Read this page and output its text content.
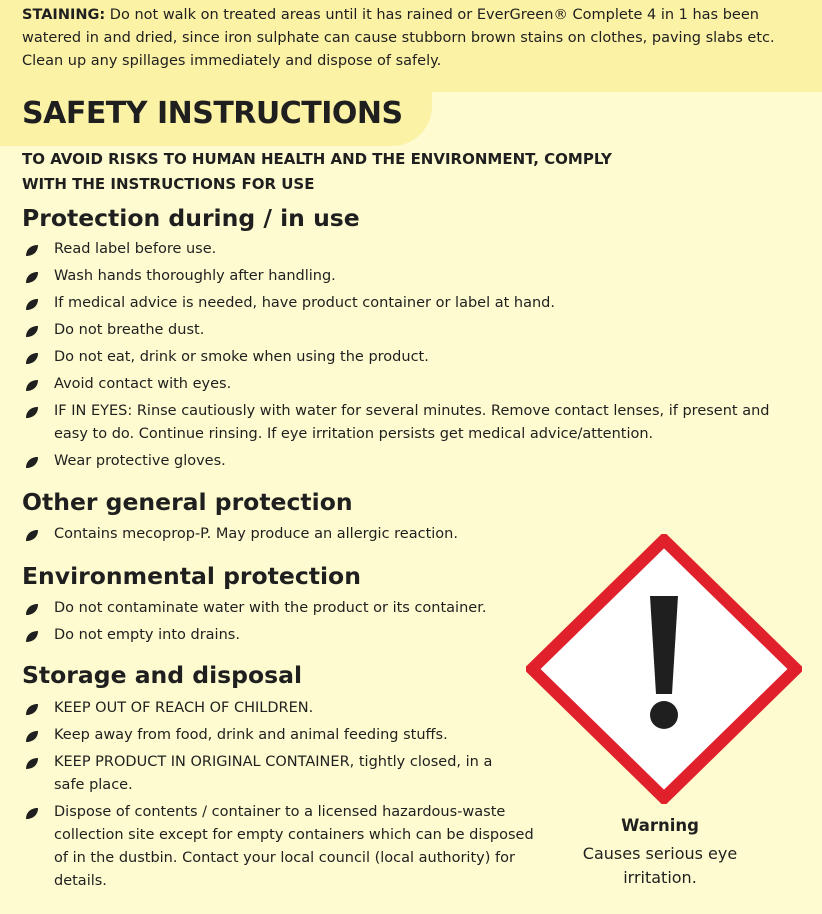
STAINING: Do not walk on treated areas until it has rained or EverGreen® Complete 4 in 1 has been watered in and dried, since iron sulphate can cause stubborn brown stains on clothes, paving slabs etc. Clean up any spillages immediately and dispose of safely.
SAFETY INSTRUCTIONS
TO AVOID RISKS TO HUMAN HEALTH AND THE ENVIRONMENT, COMPLY WITH THE INSTRUCTIONS FOR USE
Protection during / in use
Read label before use.
Wash hands thoroughly after handling.
If medical advice is needed, have product container or label at hand.
Do not breathe dust.
Do not eat, drink or smoke when using the product.
Avoid contact with eyes.
IF IN EYES: Rinse cautiously with water for several minutes. Remove contact lenses, if present and easy to do. Continue rinsing. If eye irritation persists get medical advice/attention.
Wear protective gloves.
Other general protection
Contains mecoprop-P. May produce an allergic reaction.
Environmental protection
Do not contaminate water with the product or its container.
Do not empty into drains.
Storage and disposal
KEEP OUT OF REACH OF CHILDREN.
Keep away from food, drink and animal feeding stuffs.
KEEP PRODUCT IN ORIGINAL CONTAINER, tightly closed, in a safe place.
Dispose of contents / container to a licensed hazardous-waste collection site except for empty containers which can be disposed of in the dustbin. Contact your local council (local authority) for details.
Warning
Causes serious eye irritation.
